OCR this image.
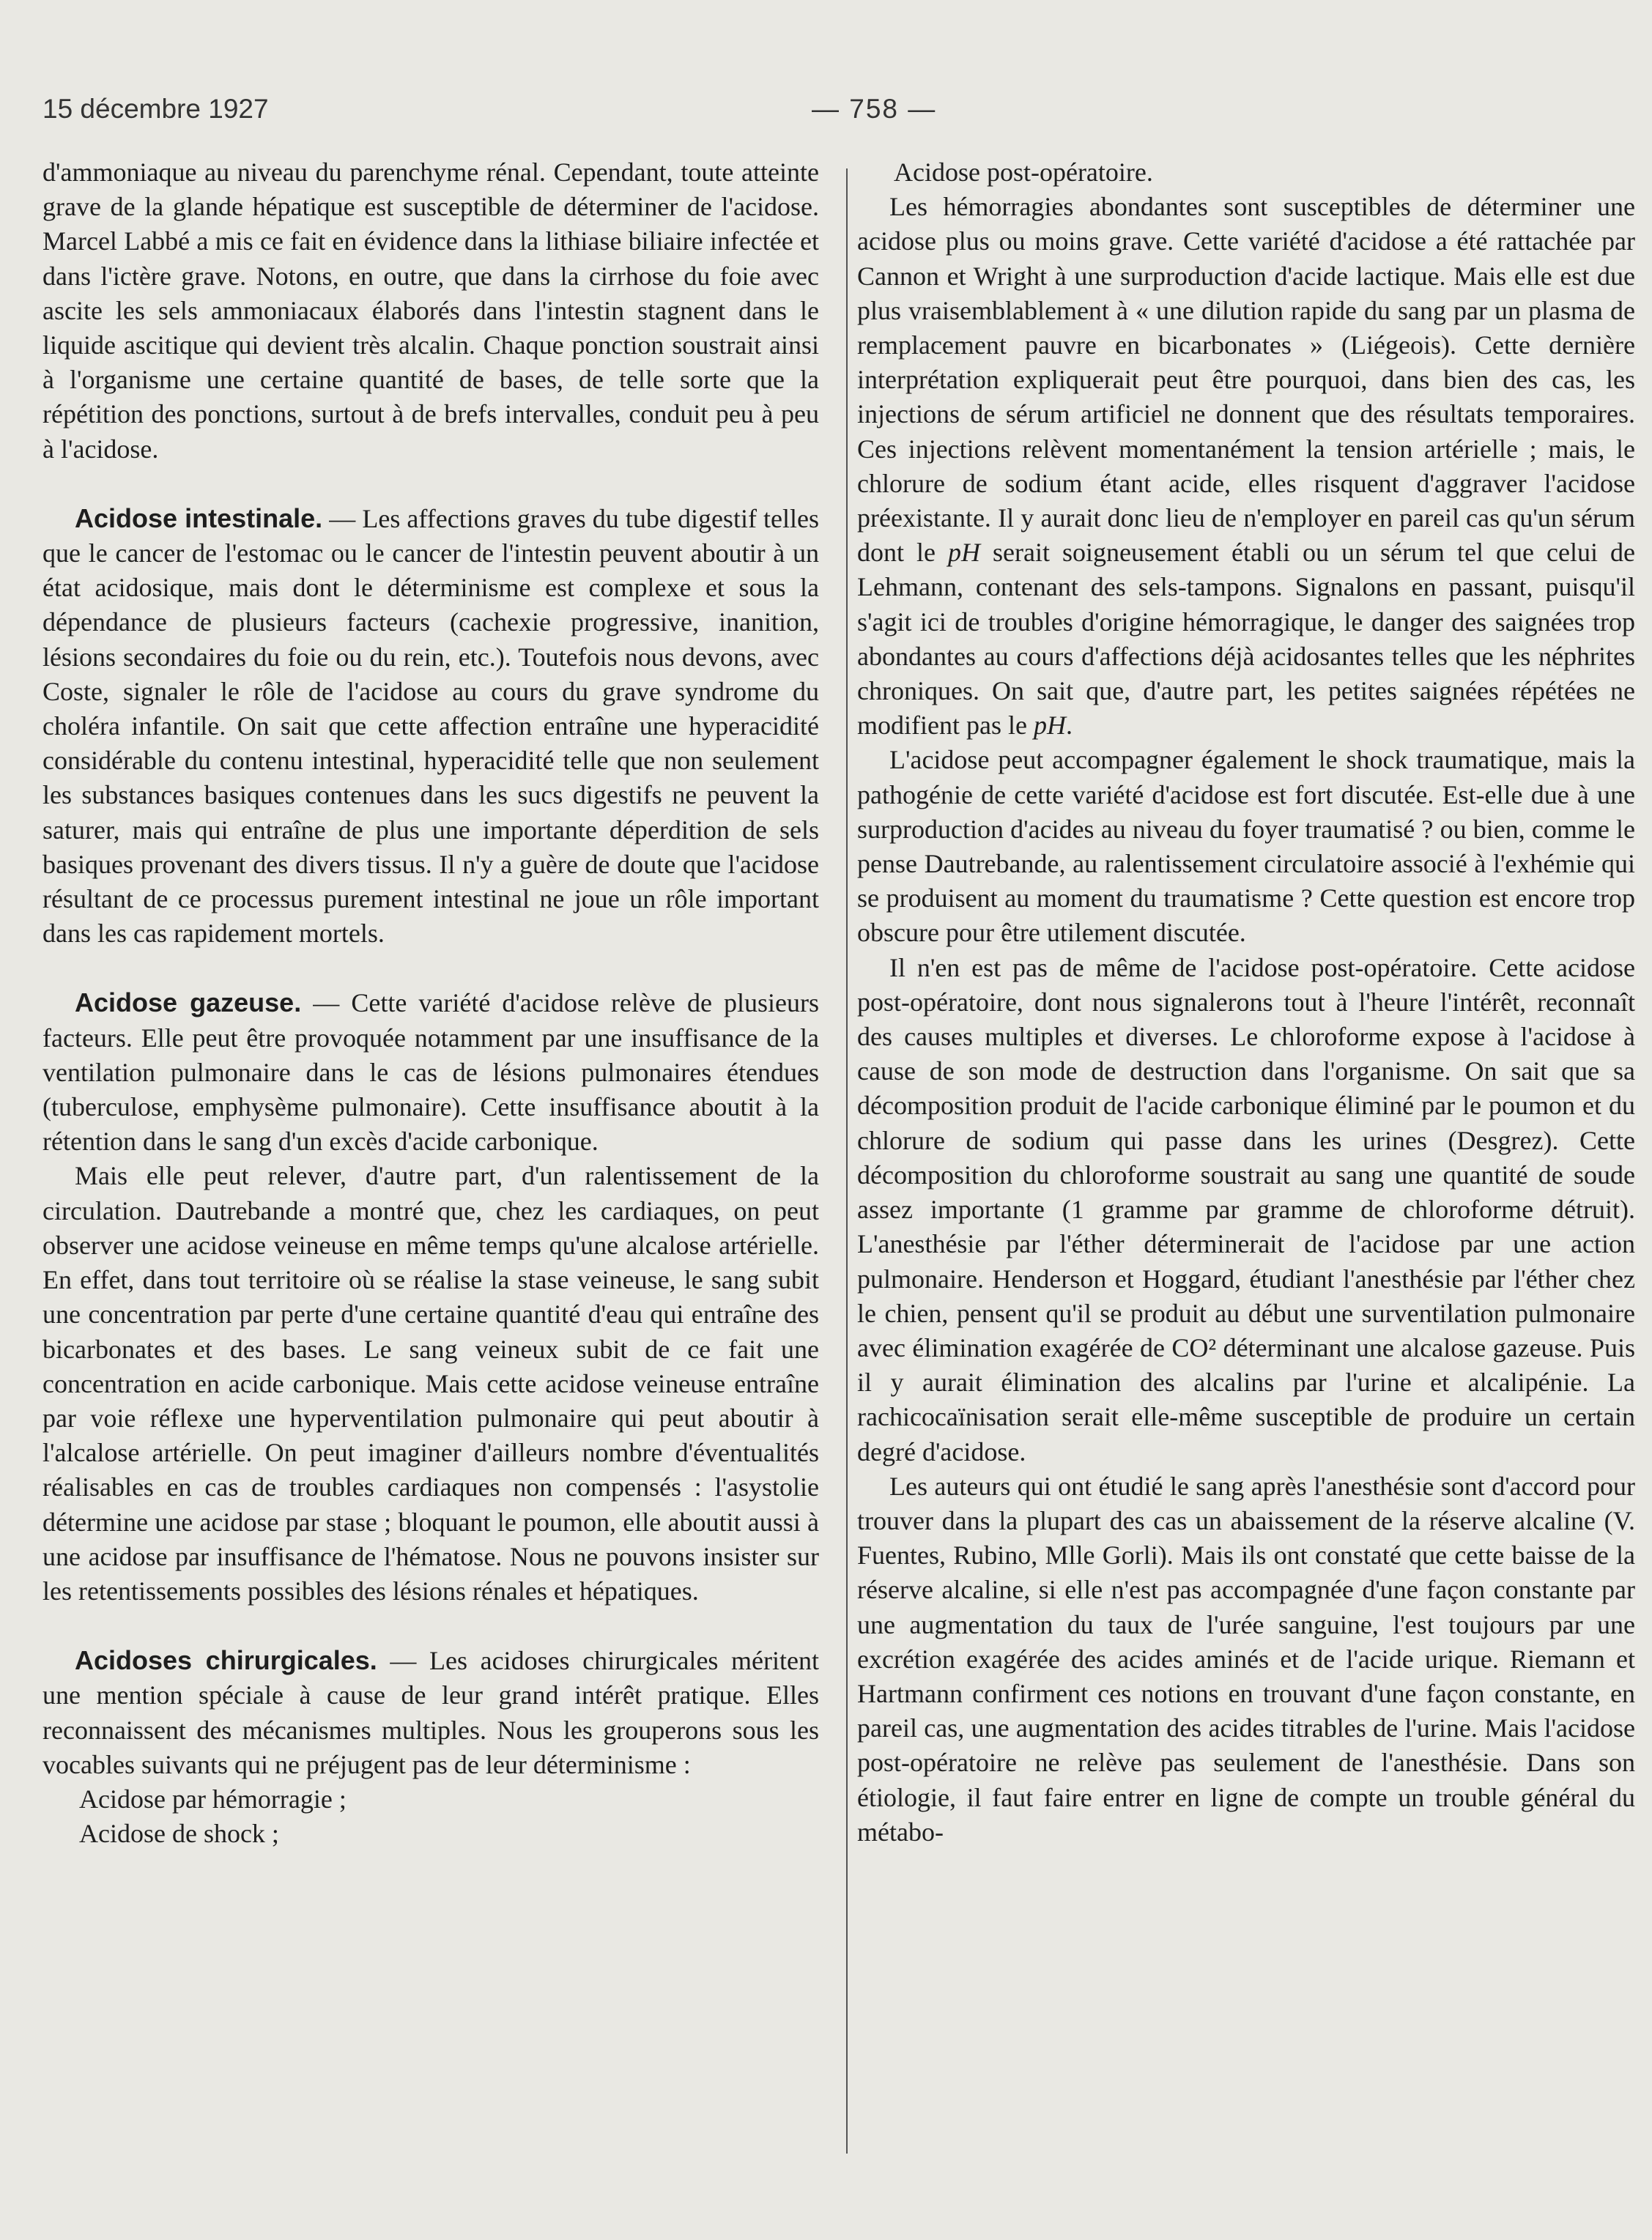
15 décembre 1927	— 758 —

d'ammoniaque au niveau du parenchyme rénal. Cependant, toute atteinte grave de la glande hépatique est susceptible de déterminer de l'acidose. Marcel Labbé a mis ce fait en évidence dans la lithiase biliaire infectée et dans l'ictère grave. Notons, en outre, que dans la cirrhose du foie avec ascite les sels ammoniacaux élaborés dans l'intestin stagnent dans le liquide ascitique qui devient très alcalin. Chaque ponction soustrait ainsi à l'organisme une certaine quantité de bases, de telle sorte que la répétition des ponctions, surtout à de brefs intervalles, conduit peu à peu à l'acidose.

Acidose intestinale. — Les affections graves du tube digestif telles que le cancer de l'estomac ou le cancer de l'intestin peuvent aboutir à un état acidosique, mais dont le déterminisme est complexe et sous la dépendance de plusieurs facteurs (cachexie progressive, inanition, lésions secondaires du foie ou du rein, etc.). Toutefois nous devons, avec Coste, signaler le rôle de l'acidose au cours du grave syndrome du choléra infantile. On sait que cette affection entraîne une hyperacidité considérable du contenu intestinal, hyperacidité telle que non seulement les substances basiques contenues dans les sucs digestifs ne peuvent la saturer, mais qui entraîne de plus une importante déperdition de sels basiques provenant des divers tissus. Il n'y a guère de doute que l'acidose résultant de ce processus purement intestinal ne joue un rôle important dans les cas rapidement mortels.

Acidose gazeuse. — Cette variété d'acidose relève de plusieurs facteurs. Elle peut être provoquée notamment par une insuffisance de la ventilation pulmonaire dans le cas de lésions pulmonaires étendues (tuberculose, emphysème pulmonaire). Cette insuffisance aboutit à la rétention dans le sang d'un excès d'acide carbonique.

Mais elle peut relever, d'autre part, d'un ralentissement de la circulation. Dautrebande a montré que, chez les cardiaques, on peut observer une acidose veineuse en même temps qu'une alcalose artérielle. En effet, dans tout territoire où se réalise la stase veineuse, le sang subit une concentration par perte d'une certaine quantité d'eau qui entraîne des bicarbonates et des bases. Le sang veineux subit de ce fait une concentration en acide carbonique. Mais cette acidose veineuse entraîne par voie réflexe une hyperventilation pulmonaire qui peut aboutir à l'alcalose artérielle. On peut imaginer d'ailleurs nombre d'éventualités réalisables en cas de troubles cardiaques non compensés : l'asystolie détermine une acidose par stase ; bloquant le poumon, elle aboutit aussi à une acidose par insuffisance de l'hématose. Nous ne pouvons insister sur les retentissements possibles des lésions rénales et hépatiques.

Acidoses chirurgicales. — Les acidoses chirurgicales méritent une mention spéciale à cause de leur grand intérêt pratique. Elles reconnaissent des mécanismes multiples. Nous les grouperons sous les vocables suivants qui ne préjugent pas de leur déterminisme :

Acidose par hémorragie ;
Acidose de shock ;
Acidose post-opératoire.

Les hémorragies abondantes sont susceptibles de déterminer une acidose plus ou moins grave. Cette variété d'acidose a été rattachée par Cannon et Wright à une surproduction d'acide lactique. Mais elle est due plus vraisemblablement à « une dilution rapide du sang par un plasma de remplacement pauvre en bicarbonates » (Liégeois). Cette dernière interprétation expliquerait peut être pourquoi, dans bien des cas, les injections de sérum artificiel ne donnent que des résultats temporaires. Ces injections relèvent momentanément la tension artérielle ; mais, le chlorure de sodium étant acide, elles risquent d'aggraver l'acidose préexistante. Il y aurait donc lieu de n'employer en pareil cas qu'un sérum dont le pH serait soigneusement établi ou un sérum tel que celui de Lehmann, contenant des sels-tampons. Signalons en passant, puisqu'il s'agit ici de troubles d'origine hémorragique, le danger des saignées trop abondantes au cours d'affections déjà acidosantes telles que les néphrites chroniques. On sait que, d'autre part, les petites saignées répétées ne modifient pas le pH.

L'acidose peut accompagner également le shock traumatique, mais la pathogénie de cette variété d'acidose est fort discutée. Est-elle due à une surproduction d'acides au niveau du foyer traumatisé ? ou bien, comme le pense Dautrebande, au ralentissement circulatoire associé à l'exhémie qui se produisent au moment du traumatisme ? Cette question est encore trop obscure pour être utilement discutée.

Il n'en est pas de même de l'acidose post-opératoire. Cette acidose post-opératoire, dont nous signalerons tout à l'heure l'intérêt, reconnaît des causes multiples et diverses. Le chloroforme expose à l'acidose à cause de son mode de destruction dans l'organisme. On sait que sa décomposition produit de l'acide carbonique éliminé par le poumon et du chlorure de sodium qui passe dans les urines (Desgrez). Cette décomposition du chloroforme soustrait au sang une quantité de soude assez importante (1 gramme par gramme de chloroforme détruit). L'anesthésie par l'éther déterminerait de l'acidose par une action pulmonaire. Henderson et Hoggard, étudiant l'anesthésie par l'éther chez le chien, pensent qu'il se produit au début une surventilation pulmonaire avec élimination exagérée de CO² déterminant une alcalose gazeuse. Puis il y aurait élimination des alcalins par l'urine et alcalipénie. La rachicocaïnisation serait elle-même susceptible de produire un certain degré d'acidose.

Les auteurs qui ont étudié le sang après l'anesthésie sont d'accord pour trouver dans la plupart des cas un abaissement de la réserve alcaline (V. Fuentes, Rubino, Mlle Gorli). Mais ils ont constaté que cette baisse de la réserve alcaline, si elle n'est pas accompagnée d'une façon constante par une augmentation du taux de l'urée sanguine, l'est toujours par une excrétion exagérée des acides aminés et de l'acide urique. Riemann et Hartmann confirment ces notions en trouvant d'une façon constante, en pareil cas, une augmentation des acides titrables de l'urine. Mais l'acidose post-opératoire ne relève pas seulement de l'anesthésie. Dans son étiologie, il faut faire entrer en ligne de compte un trouble général du métabo-
